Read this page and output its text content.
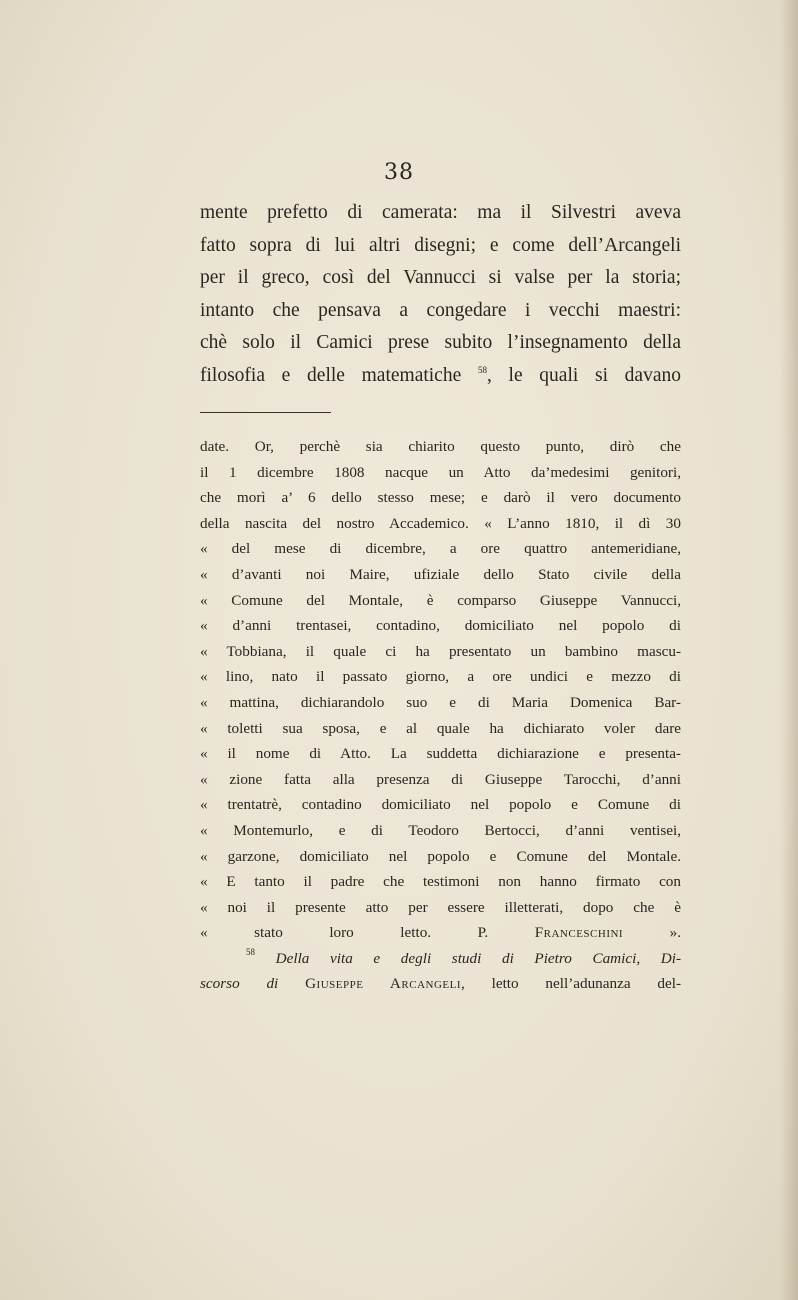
38
mente prefetto di camerata: ma il Silvestri aveva
fatto sopra di lui altri disegni; e come dell’Arcangeli
per il greco, così del Vannucci si valse per la storia;
intanto che pensava a congedare i vecchi maestri:
chè solo il Camici prese subito l’insegnamento della
filosofia e delle matematiche $^{58}$, le quali si davano
date. Or, perchè sia chiarito questo punto, dirò che
il 1 dicembre 1808 nacque un Atto da’medesimi genitori,
che morì a’ 6 dello stesso mese; e darò il vero documento
della nascita del nostro Accademico. « L’anno 1810, il dì 30
« del mese di dicembre, a ore quattro antemeridiane,
« d’avanti noi Maire, ufiziale dello Stato civile della
« Comune del Montale, è comparso Giuseppe Vannucci,
« d’anni trentasei, contadino, domiciliato nel popolo di
« Tobbiana, il quale ci ha presentato un bambino mascu-
« lino, nato il passato giorno, a ore undici e mezzo di
« mattina, dichiarandolo suo e di Maria Domenica Bar-
« toletti sua sposa, e al quale ha dichiarato voler dare
« il nome di Atto. La suddetta dichiarazione e presenta-
« zione fatta alla presenza di Giuseppe Tarocchi, d’anni
« trentatrè, contadino domiciliato nel popolo e Comune di
« Montemurlo, e di Teodoro Bertocci, d’anni ventisei,
« garzone, domiciliato nel popolo e Comune del Montale.
« E tanto il padre che testimoni non hanno firmato con
« noi il presente atto per essere illetterati, dopo che è
« stato loro letto. P.	Franceschini	».
$^{58}$ Della vita e degli studi di Pietro Camici, Di-
scorso di Giuseppe Arcangeli, letto nell’adunanza del-
